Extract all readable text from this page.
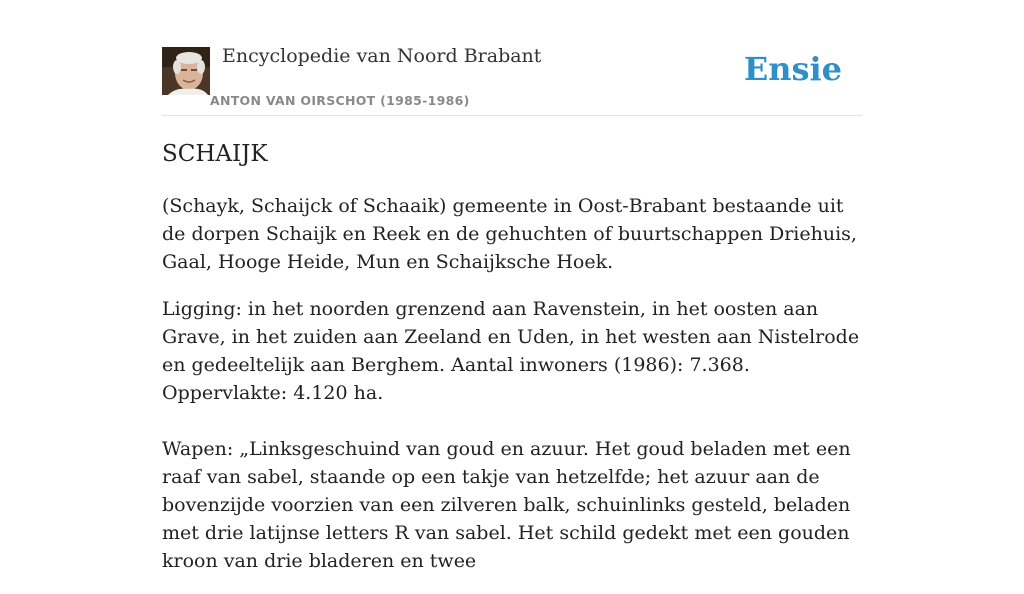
Encyclopedie van Noord Brabant
ANTON VAN OIRSCHOT (1985-1986)
Ensie
SCHAIJK

(Schayk, Schaijck of Schaaik) gemeente in Oost-Brabant bestaande uit de dorpen Schaijk en Reek en de gehuchten of buurtschappen Driehuis, Gaal, Hooge Heide, Mun en Schaijksche Hoek.

Ligging: in het noorden grenzend aan Ravenstein, in het oosten aan Grave, in het zuiden aan Zeeland en Uden, in het westen aan Nistelrode en gedeeltelijk aan Berghem. Aantal inwoners (1986): 7.368. Oppervlakte: 4.120 ha.

Wapen: „Linksgeschuind van goud en azuur. Het goud beladen met een raaf van sabel, staande op een takje van hetzelfde; het azuur aan de bovenzijde voorzien van een zilveren balk, schuinlinks gesteld, beladen met drie latijnse letters R van sabel. Het schild gedekt met een gouden kroon van drie bladeren en twee
